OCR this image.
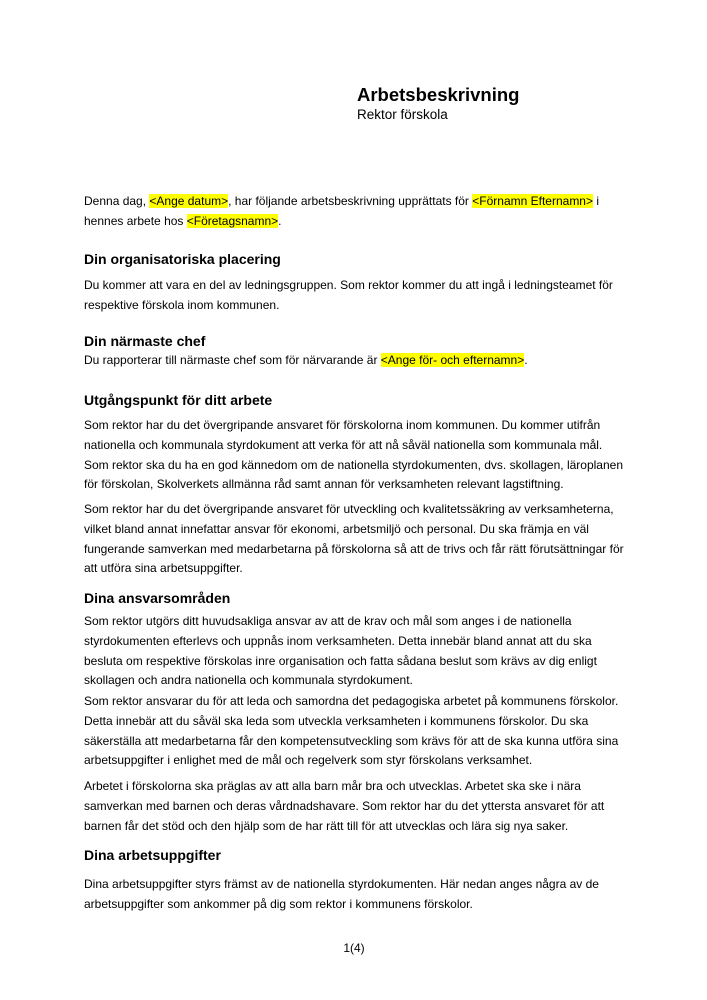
Arbetsbeskrivning
Rektor förskola

Denna dag, <Ange datum>, har följande arbetsbeskrivning upprättats för <Förnamn Efternamn> i hennes arbete hos <Företagsnamn>.

Din organisatoriska placering

Du kommer att vara en del av ledningsgruppen. Som rektor kommer du att ingå i ledningsteamet för respektive förskola inom kommunen.

Din närmaste chef

Du rapporterar till närmaste chef som för närvarande är <Ange för- och efternamn>.

Utgångspunkt för ditt arbete

Som rektor har du det övergripande ansvaret för förskolorna inom kommunen. Du kommer utifrån nationella och kommunala styrdokument att verka för att nå såväl nationella som kommunala mål. Som rektor ska du ha en god kännedom om de nationella styrdokumenten, dvs. skollagen, läroplanen för förskolan, Skolverkets allmänna råd samt annan för verksamheten relevant lagstiftning.

Som rektor har du det övergripande ansvaret för utveckling och kvalitetssäkring av verksamheterna, vilket bland annat innefattar ansvar för ekonomi, arbetsmiljö och personal. Du ska främja en väl fungerande samverkan med medarbetarna på förskolorna så att de trivs och får rätt förutsättningar för att utföra sina arbetsuppgifter.

Dina ansvarsområden

Som rektor utgörs ditt huvudsakliga ansvar av att de krav och mål som anges i de nationella styrdokumenten efterlevs och uppnås inom verksamheten. Detta innebär bland annat att du ska besluta om respektive förskolas inre organisation och fatta sådana beslut som krävs av dig enligt skollagen och andra nationella och kommunala styrdokument.

Som rektor ansvarar du för att leda och samordna det pedagogiska arbetet på kommunens förskolor. Detta innebär att du såväl ska leda som utveckla verksamheten i kommunens förskolor. Du ska säkerställa att medarbetarna får den kompetensutveckling som krävs för att de ska kunna utföra sina arbetsuppgifter i enlighet med de mål och regelverk som styr förskolans verksamhet.

Arbetet i förskolorna ska präglas av att alla barn mår bra och utvecklas. Arbetet ska ske i nära samverkan med barnen och deras vårdnadshavare. Som rektor har du det yttersta ansvaret för att barnen får det stöd och den hjälp som de har rätt till för att utvecklas och lära sig nya saker.

Dina arbetsuppgifter

Dina arbetsuppgifter styrs främst av de nationella styrdokumenten. Här nedan anges några av de arbetsuppgifter som ankommer på dig som rektor i kommunens förskolor.

1(4)
